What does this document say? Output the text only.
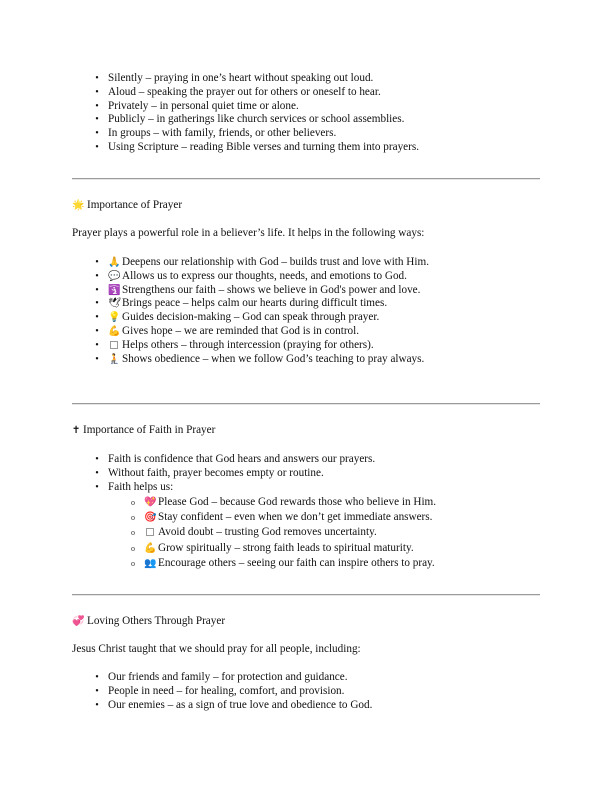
• Silently – praying in one’s heart without speaking out loud.
• Aloud – speaking the prayer out for others or oneself to hear.
• Privately – in personal quiet time or alone.
• Publicly – in gatherings like church services or school assemblies.
• In groups – with family, friends, or other believers.
• Using Scripture – reading Bible verses and turning them into prayers.
🌟 Importance of Prayer
Prayer plays a powerful role in a believer’s life. It helps in the following ways:
• 🙏 Deepens our relationship with God – builds trust and love with Him.
• 💬 Allows us to express our thoughts, needs, and emotions to God.
• 🛐 Strengthens our faith – shows we believe in God's power and love.
• 🕊Brings peace – helps calm our hearts during difficult times.
• 💡 Guides decision-making – God can speak through prayer.
• 💪 Gives hope – we are reminded that God is in control.
• Helps others – through intercession (praying for others).
• 🧎 Shows obedience – when we follow God’s teaching to pray always.
✝ Importance of Faith in Prayer
• Faith is confidence that God hears and answers our prayers.
• Without faith, prayer becomes empty or routine.
• Faith helps us:
o 💖 Please God – because God rewards those who believe in Him.
o 🎯 Stay confident – even when we don’t get immediate answers.
o Avoid doubt – trusting God removes uncertainty.
o 💪 Grow spiritually – strong faith leads to spiritual maturity.
o 👥 Encourage others – seeing our faith can inspire others to pray.
💞 Loving Others Through Prayer
Jesus Christ taught that we should pray for all people, including:
• Our friends and family – for protection and guidance.
• People in need – for healing, comfort, and provision.
• Our enemies – as a sign of true love and obedience to God.
